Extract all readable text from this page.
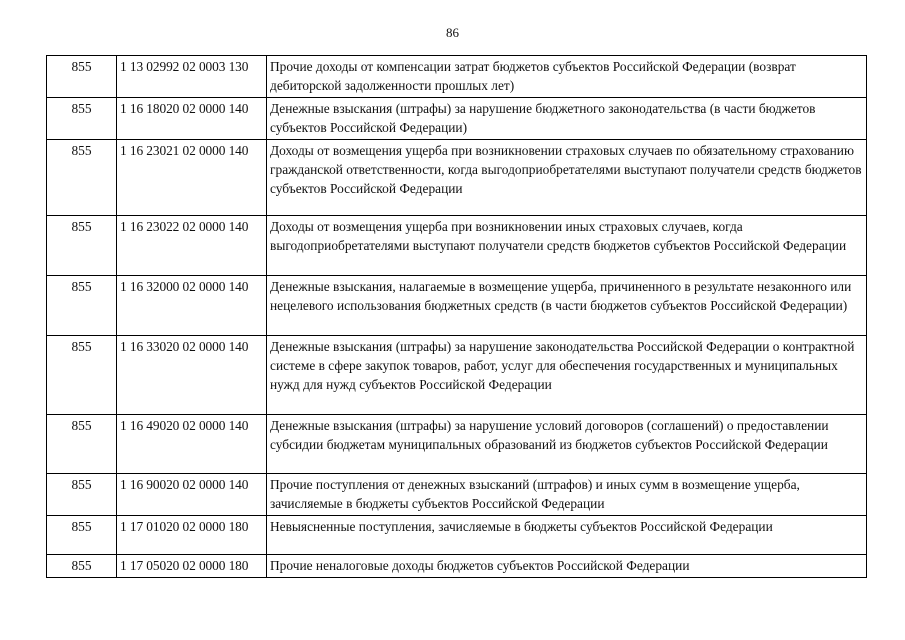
86
855	1 13 02992 02 0003 130	Прочие доходы от компенсации затрат бюджетов субъектов Российской Федерации (возврат дебиторской задолженности прошлых лет)
855	1 16 18020 02 0000 140	Денежные взыскания (штрафы) за нарушение бюджетного законодательства (в части бюджетов субъектов Российской Федерации)
855	1 16 23021 02 0000 140	Доходы от возмещения ущерба при возникновении страховых случаев по обязательному страхованию гражданской ответственности, когда выгодоприобретателями выступают получатели средств бюджетов субъектов Российской Федерации
855	1 16 23022 02 0000 140	Доходы от возмещения ущерба при возникновении иных страховых случаев, когда выгодоприобретателями выступают получатели средств бюджетов субъектов Российской Федерации
855	1 16 32000 02 0000 140	Денежные взыскания, налагаемые в возмещение ущерба, причиненного в результате незаконного или нецелевого использования бюджетных средств (в части бюджетов субъектов Российской Федерации)
855	1 16 33020 02 0000 140	Денежные взыскания (штрафы) за нарушение законодательства Российской Федерации о контрактной системе в сфере закупок товаров, работ, услуг для обеспечения государственных и муниципальных нужд для нужд субъектов Российской Федерации
855	1 16 49020 02 0000 140	Денежные взыскания (штрафы) за нарушение условий договоров (соглашений) о предоставлении субсидии бюджетам муниципальных образований из бюджетов субъектов Российской Федерации
855	1 16 90020 02 0000 140	Прочие поступления от денежных взысканий (штрафов) и иных сумм в возмещение ущерба, зачисляемые в бюджеты субъектов Российской Федерации
855	1 17 01020 02 0000 180	Невыясненные поступления, зачисляемые в бюджеты субъектов Российской Федерации
855	1 17 05020 02 0000 180	Прочие неналоговые доходы бюджетов субъектов Российской Федерации
